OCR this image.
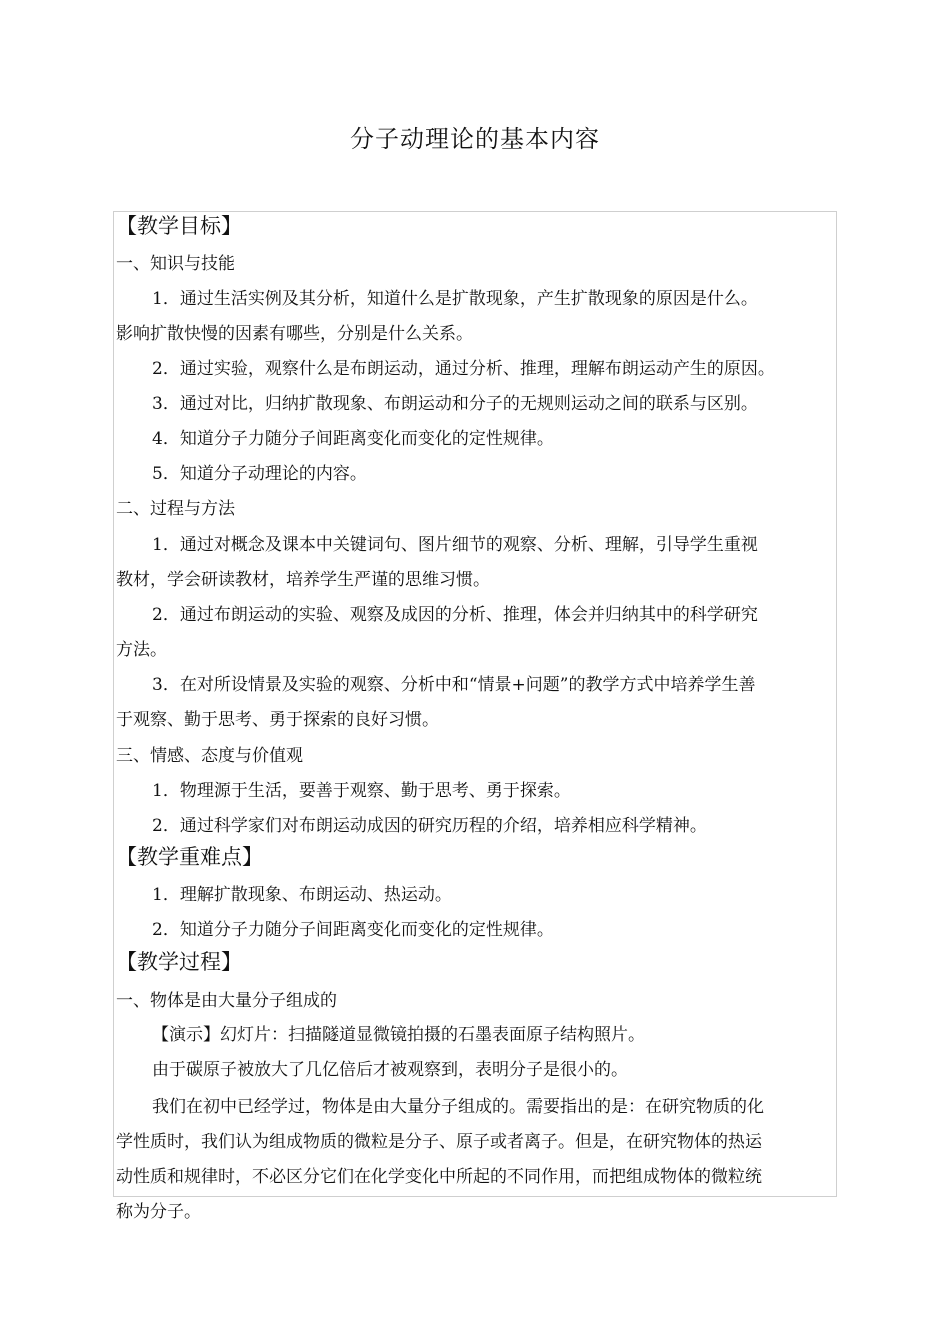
分子动理论的基本内容
【教学目标】
一、知识与技能
1．通过生活实例及其分析，知道什么是扩散现象，产生扩散现象的原因是什么。
影响扩散快慢的因素有哪些，分别是什么关系。
2．通过实验，观察什么是布朗运动，通过分析、推理，理解布朗运动产生的原因。
3．通过对比，归纳扩散现象、布朗运动和分子的无规则运动之间的联系与区别。
4．知道分子力随分子间距离变化而变化的定性规律。
5．知道分子动理论的内容。
二、过程与方法
1．通过对概念及课本中关键词句、图片细节的观察、分析、理解，引导学生重视
教材，学会研读教材，培养学生严谨的思维习惯。
2．通过布朗运动的实验、观察及成因的分析、推理，体会并归纳其中的科学研究
方法。
3．在对所设情景及实验的观察、分析中和“情景+问题”的教学方式中培养学生善
于观察、勤于思考、勇于探索的良好习惯。
三、情感、态度与价值观
1．物理源于生活，要善于观察、勤于思考、勇于探索。
2．通过科学家们对布朗运动成因的研究历程的介绍，培养相应科学精神。
【教学重难点】
1．理解扩散现象、布朗运动、热运动。
2．知道分子力随分子间距离变化而变化的定性规律。
【教学过程】
一、物体是由大量分子组成的
【演示】幻灯片：扫描隧道显微镜拍摄的石墨表面原子结构照片。
由于碳原子被放大了几亿倍后才被观察到，表明分子是很小的。
我们在初中已经学过，物体是由大量分子组成的。需要指出的是：在研究物质的化
学性质时，我们认为组成物质的微粒是分子、原子或者离子。但是，在研究物体的热运
动性质和规律时，不必区分它们在化学变化中所起的不同作用，而把组成物体的微粒统
称为分子。
